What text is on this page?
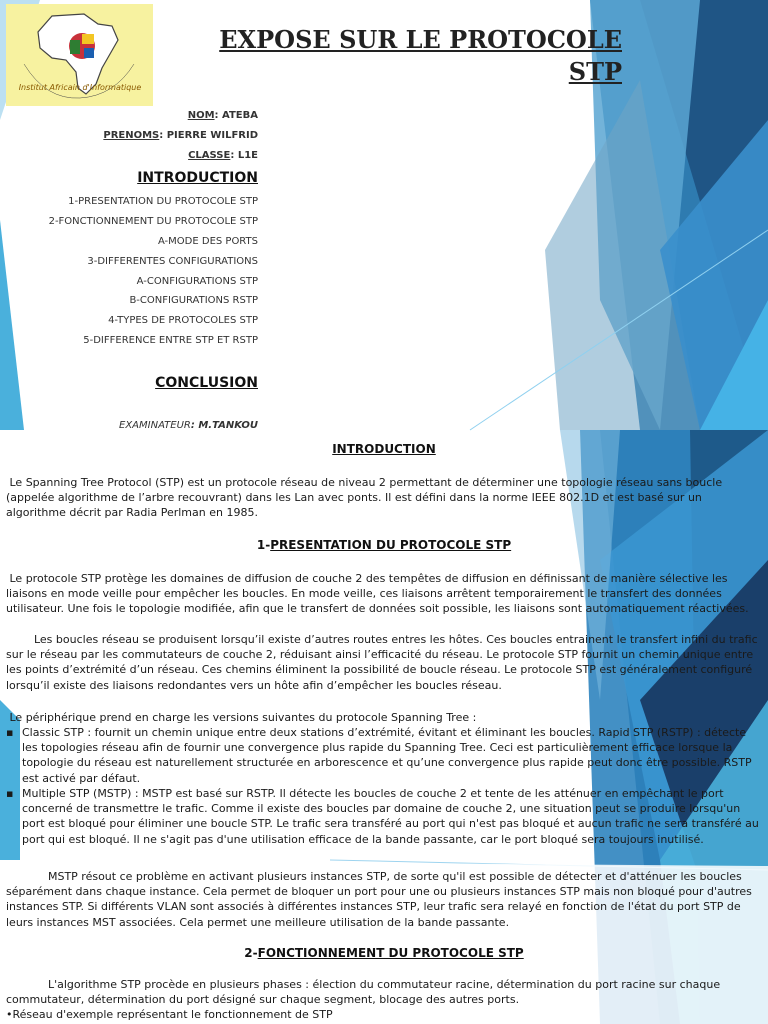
Institut Africain d'Informatique
EXPOSE SUR LE PROTOCOLE
STP
NOM: ATEBA
PRENOMS: PIERRE WILFRID
CLASSE: L1E
INTRODUCTION
1-PRESENTATION DU PROTOCOLE STP
2-FONCTIONNEMENT DU PROTOCOLE STP
A-MODE DES PORTS
3-DIFFERENTES CONFIGURATIONS
A-CONFIGURATIONS STP
B-CONFIGURATIONS RSTP
4-TYPES DE PROTOCOLES STP
5-DIFFERENCE ENTRE STP ET RSTP
CONCLUSION
EXAMINATEUR: M.TANKOU
INTRODUCTION
Le Spanning Tree Protocol (STP) est un protocole réseau de niveau 2 permettant de déterminer une topologie réseau sans boucle (appelée algorithme de l’arbre recouvrant) dans les Lan avec ponts. Il est défini dans la norme IEEE 802.1D et est basé sur un algorithme décrit par Radia Perlman en 1985.
1-PRESENTATION DU PROTOCOLE STP
Le protocole STP protège les domaines de diffusion de couche 2 des tempêtes de diffusion en définissant de manière sélective les liaisons en mode veille pour empêcher les boucles. En mode veille, ces liaisons arrêtent temporairement le transfert des données utilisateur. Une fois le topologie modifiée, afin que le transfert de données soit possible, les liaisons sont automatiquement réactivées.
Les boucles réseau se produisent lorsqu’il existe d’autres routes entres les hôtes. Ces boucles entrainent le transfert infini du trafic sur le réseau par les commutateurs de couche 2, réduisant ainsi l’efficacité du réseau. Le protocole STP fournit un chemin unique entre les points d’extrémité d’un réseau. Ces chemins éliminent la possibilité de boucle réseau. Le protocole STP est généralement configuré lorsqu’il existe des liaisons redondantes vers un hôte afin d’empêcher les boucles réseau.
Le périphérique prend en charge les versions suivantes du protocole Spanning Tree :
▪ Classic STP : fournit un chemin unique entre deux stations d’extrémité, évitant et éliminant les boucles. Rapid STP (RSTP) : détecte les topologies réseau afin de fournir une convergence plus rapide du Spanning Tree. Ceci est particulièrement efficace lorsque la topologie du réseau est naturellement structurée en arborescence et qu’une convergence plus rapide peut donc être possible. RSTP est activé par défaut.
▪ Multiple STP (MSTP) : MSTP est basé sur RSTP. Il détecte les boucles de couche 2 et tente de les atténuer en empêchant le port concerné de transmettre le trafic. Comme il existe des boucles par domaine de couche 2, une situation peut se produire lorsqu'un port est bloqué pour éliminer une boucle STP. Le trafic sera transféré au port qui n'est pas bloqué et aucun trafic ne sera transféré au port qui est bloqué. Il ne s'agit pas d'une utilisation efficace de la bande passante, car le port bloqué sera toujours inutilisé.
MSTP résout ce problème en activant plusieurs instances STP, de sorte qu'il est possible de détecter et d'atténuer les boucles séparément dans chaque instance. Cela permet de bloquer un port pour une ou plusieurs instances STP mais non bloqué pour d'autres instances STP. Si différents VLAN sont associés à différentes instances STP, leur trafic sera relayé en fonction de l'état du port STP de leurs instances MST associées. Cela permet une meilleure utilisation de la bande passante.
2-FONCTIONNEMENT DU PROTOCOLE STP
L'algorithme STP procède en plusieurs phases : élection du commutateur racine, détermination du port racine sur chaque commutateur, détermination du port désigné sur chaque segment, blocage des autres ports.
•Réseau d'exemple représentant le fonctionnement de STP
